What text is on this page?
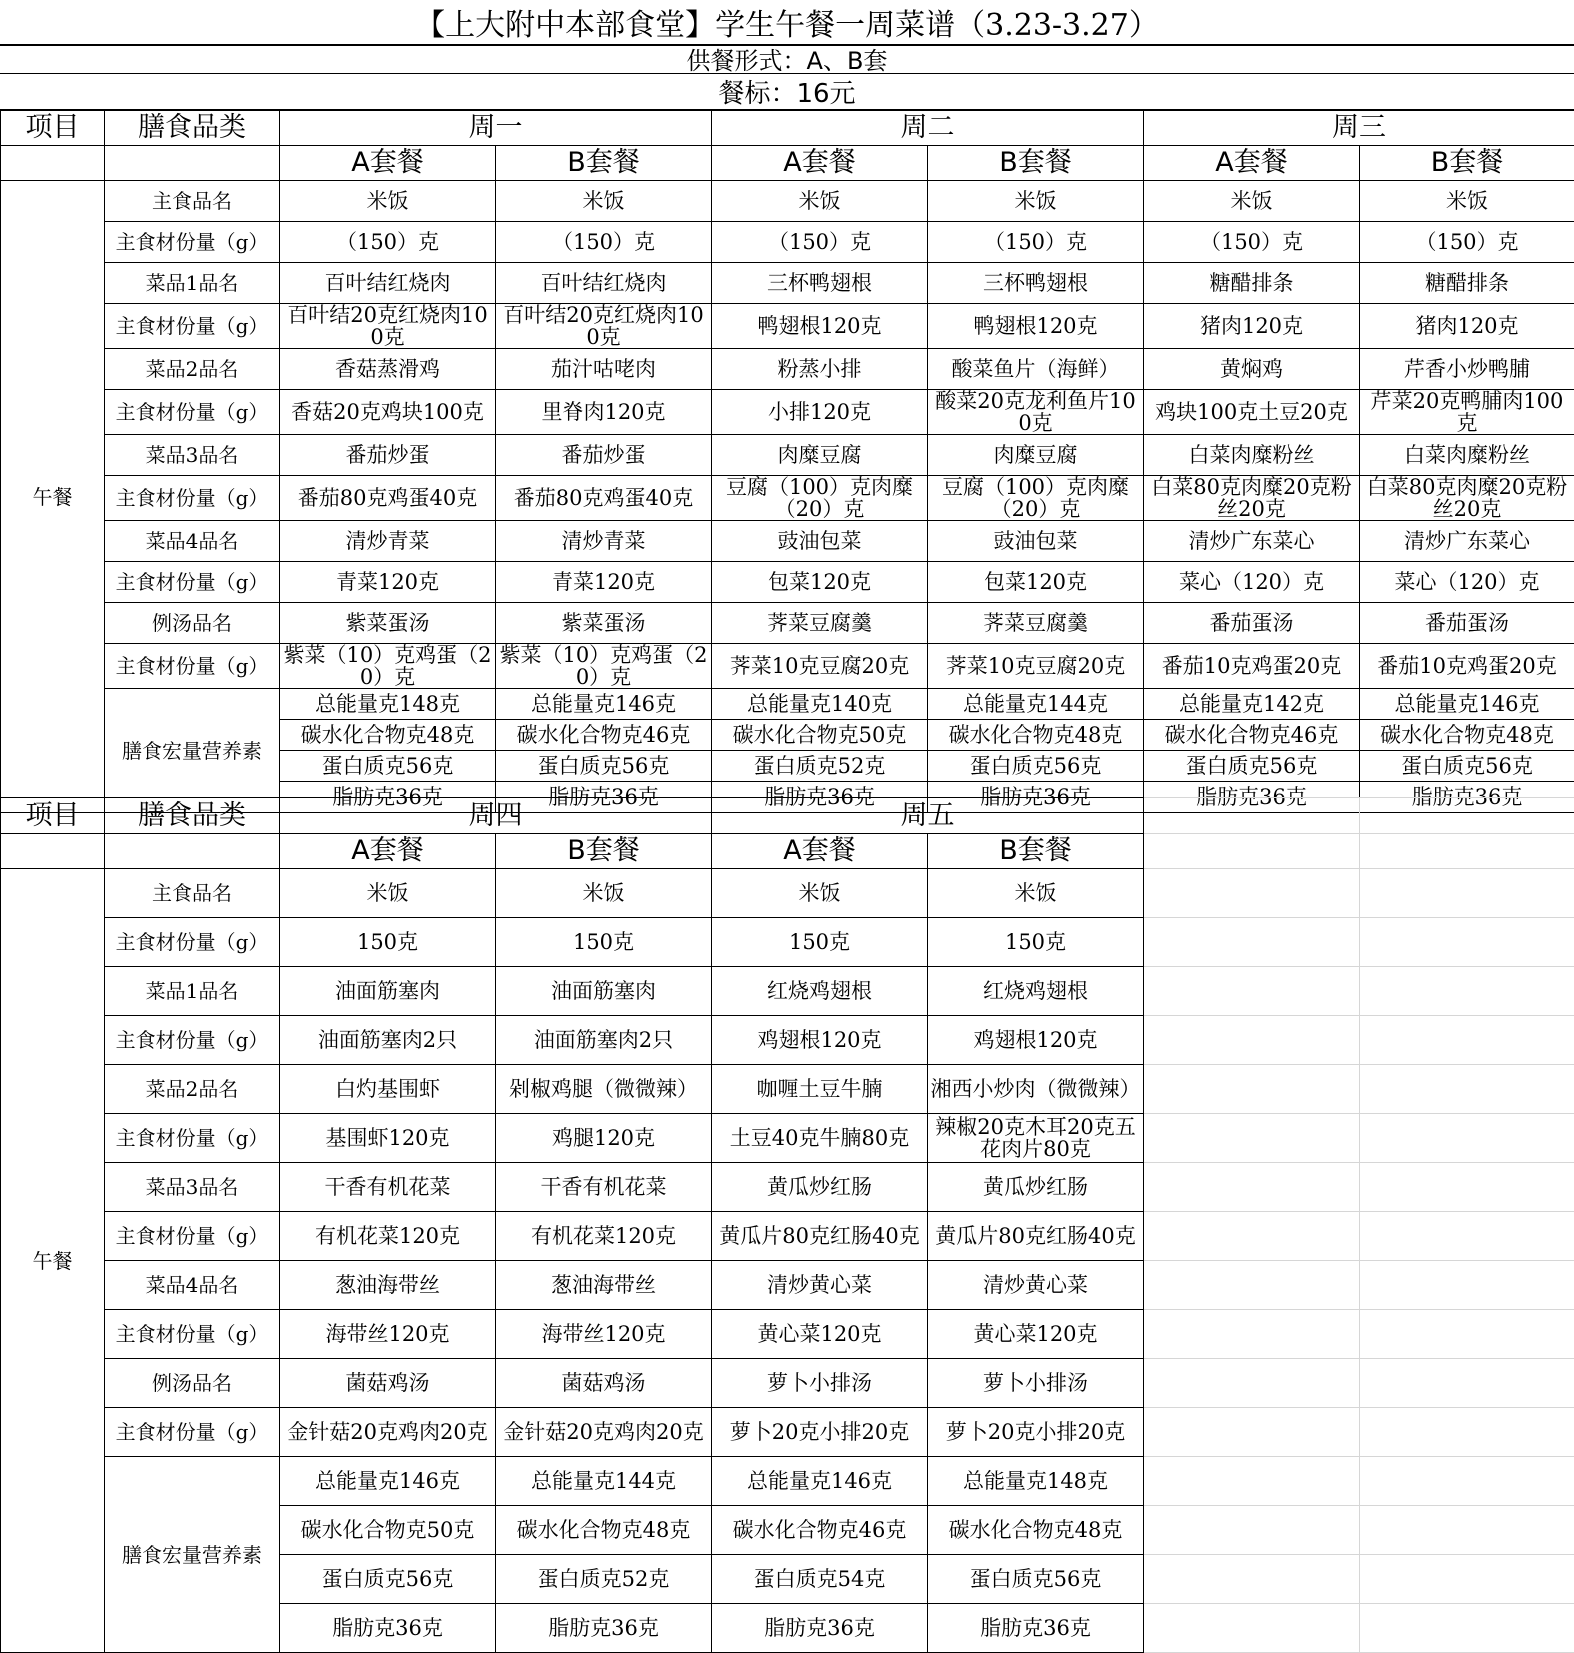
【上大附中本部食堂】学生午餐一周菜谱（3.23-3.27）
供餐形式：A、B套
餐标：16元
项目	膳食品类	周一		周二		周三	
		A套餐	B套餐	A套餐	B套餐	A套餐	B套餐
午餐	主食品名	米饭	米饭	米饭	米饭	米饭	米饭
	主食材份量（g）	（150）克	（150）克	（150）克	（150）克	（150）克	（150）克
	菜品1品名	百叶结红烧肉	百叶结红烧肉	三杯鸭翅根	三杯鸭翅根	糖醋排条	糖醋排条
	主食材份量（g）	百叶结20克红烧肉100克	百叶结20克红烧肉100克	鸭翅根120克	鸭翅根120克	猪肉120克	猪肉120克
	菜品2品名	香菇蒸滑鸡	茄汁咕咾肉	粉蒸小排	酸菜鱼片（海鲜）	黄焖鸡	芹香小炒鸭脯
	主食材份量（g）	香菇20克鸡块100克	里脊肉120克	小排120克	酸菜20克龙利鱼片100克	鸡块100克土豆20克	芹菜20克鸭脯肉100克
	菜品3品名	番茄炒蛋	番茄炒蛋	肉糜豆腐	肉糜豆腐	白菜肉糜粉丝	白菜肉糜粉丝
	主食材份量（g）	番茄80克鸡蛋40克	番茄80克鸡蛋40克	豆腐（100）克肉糜（20）克	豆腐（100）克肉糜（20）克	白菜80克肉糜20克粉丝20克	白菜80克肉糜20克粉丝20克
	菜品4品名	清炒青菜	清炒青菜	豉油包菜	豉油包菜	清炒广东菜心	清炒广东菜心
	主食材份量（g）	青菜120克	青菜120克	包菜120克	包菜120克	菜心（120）克	菜心（120）克
	例汤品名	紫菜蛋汤	紫菜蛋汤	荠菜豆腐羹	荠菜豆腐羹	番茄蛋汤	番茄蛋汤
	主食材份量（g）	紫菜（10）克鸡蛋（20）克	紫菜（10）克鸡蛋（20）克	荠菜10克豆腐20克	荠菜10克豆腐20克	番茄10克鸡蛋20克	番茄10克鸡蛋20克
	膳食宏量营养素	总能量克148克	总能量克146克	总能量克140克	总能量克144克	总能量克142克	总能量克146克
		碳水化合物克48克	碳水化合物克46克	碳水化合物克50克	碳水化合物克48克	碳水化合物克46克	碳水化合物克48克
		蛋白质克56克	蛋白质克56克	蛋白质克52克	蛋白质克56克	蛋白质克56克	蛋白质克56克
		脂肪克36克	脂肪克36克	脂肪克36克	脂肪克36克	脂肪克36克	脂肪克36克
项目	膳食品类	周四		周五			
		A套餐	B套餐	A套餐	B套餐		
午餐	主食品名	米饭	米饭	米饭	米饭		
	主食材份量（g）	150克	150克	150克	150克		
	菜品1品名	油面筋塞肉	油面筋塞肉	红烧鸡翅根	红烧鸡翅根		
	主食材份量（g）	油面筋塞肉2只	油面筋塞肉2只	鸡翅根120克	鸡翅根120克		
	菜品2品名	白灼基围虾	剁椒鸡腿（微微辣）	咖喱土豆牛腩	湘西小炒肉（微微辣）		
	主食材份量（g）	基围虾120克	鸡腿120克	土豆40克牛腩80克	辣椒20克木耳20克五花肉片80克		
	菜品3品名	干香有机花菜	干香有机花菜	黄瓜炒红肠	黄瓜炒红肠		
	主食材份量（g）	有机花菜120克	有机花菜120克	黄瓜片80克红肠40克	黄瓜片80克红肠40克		
	菜品4品名	葱油海带丝	葱油海带丝	清炒黄心菜	清炒黄心菜		
	主食材份量（g）	海带丝120克	海带丝120克	黄心菜120克	黄心菜120克		
	例汤品名	菌菇鸡汤	菌菇鸡汤	萝卜小排汤	萝卜小排汤		
	主食材份量（g）	金针菇20克鸡肉20克	金针菇20克鸡肉20克	萝卜20克小排20克	萝卜20克小排20克		
	膳食宏量营养素	总能量克146克	总能量克144克	总能量克146克	总能量克148克		
		碳水化合物克50克	碳水化合物克48克	碳水化合物克46克	碳水化合物克48克		
		蛋白质克56克	蛋白质克52克	蛋白质克54克	蛋白质克56克		
		脂肪克36克	脂肪克36克	脂肪克36克	脂肪克36克		
